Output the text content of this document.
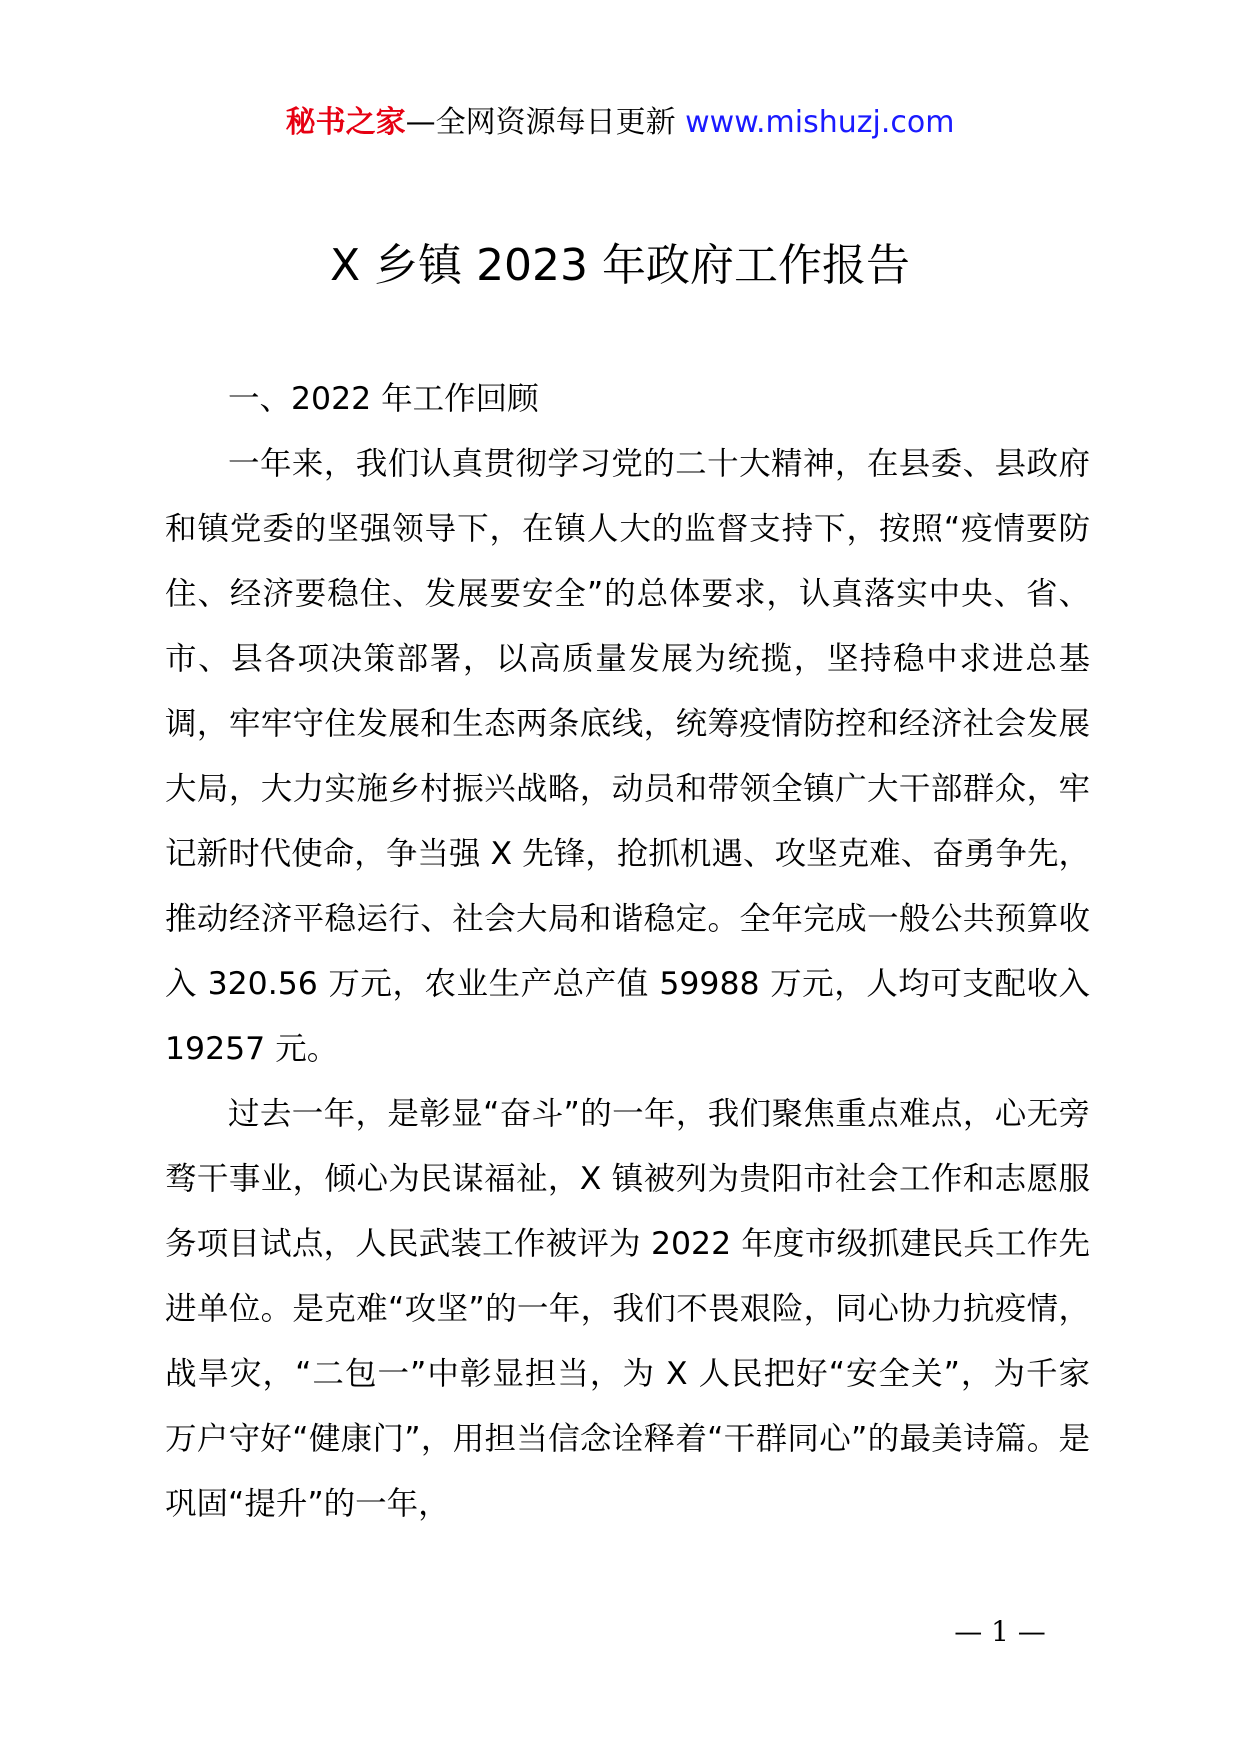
秘书之家—全网资源每日更新 www.mishuzj.com
X 乡镇 2023 年政府工作报告

一、2022 年工作回顾

一年来，我们认真贯彻学习党的二十大精神，在县委、县政府和镇党委的坚强领导下，在镇人大的监督支持下，按照“疫情要防住、经济要稳住、发展要安全”的总体要求，认真落实中央、省、市、县各项决策部署，以高质量发展为统揽，坚持稳中求进总基调，牢牢守住发展和生态两条底线，统筹疫情防控和经济社会发展大局，大力实施乡村振兴战略，动员和带领全镇广大干部群众，牢记新时代使命，争当强 X 先锋，抢抓机遇、攻坚克难、奋勇争先，推动经济平稳运行、社会大局和谐稳定。全年完成一般公共预算收入 320.56 万元，农业生产总产值 59988 万元，人均可支配收入 19257 元。

过去一年，是彰显“奋斗”的一年，我们聚焦重点难点，心无旁骛干事业，倾心为民谋福祉，X 镇被列为贵阳市社会工作和志愿服务项目试点，人民武装工作被评为 2022 年度市级抓建民兵工作先进单位。是克难“攻坚”的一年，我们不畏艰险，同心协力抗疫情，战旱灾，“二包一”中彰显担当，为 X 人民把好“安全关”，为千家万户守好“健康门”，用担当信念诠释着“干群同心”的最美诗篇。是巩固“提升”的一年，

— 1 —
